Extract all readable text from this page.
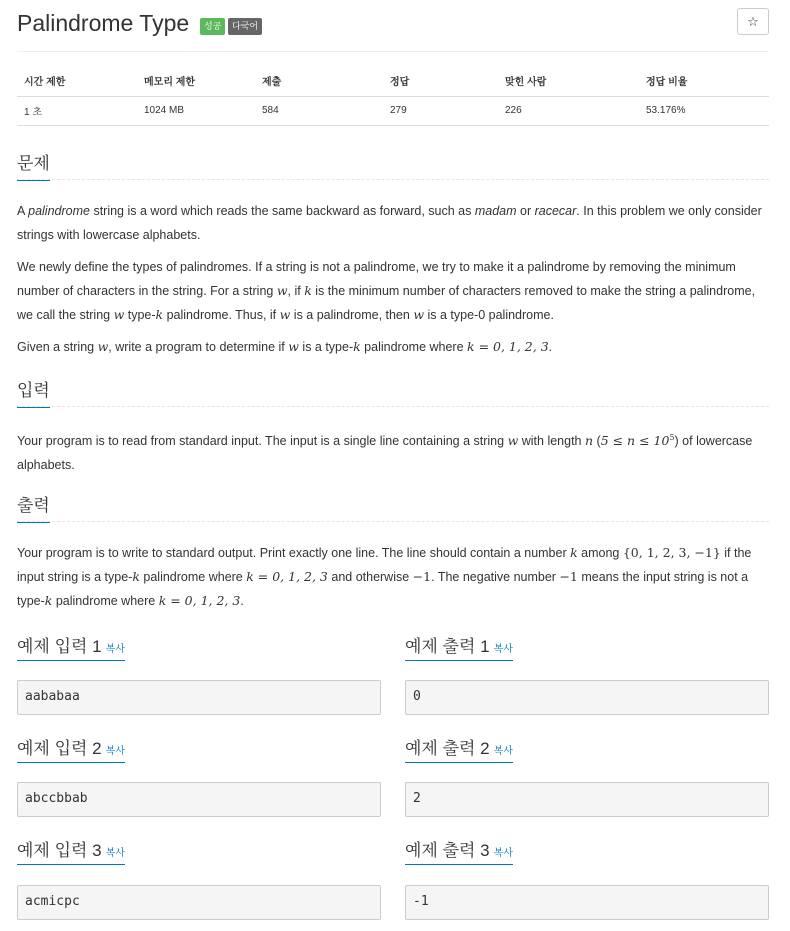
Palindrome Type	성공	다국어	☆
시간 제한	메모리 제한	제출	정답	맞힌 사람	정답 비율
1 초	1024 MB	584	279	226	53.176%
문제
A palindrome string is a word which reads the same backward as forward, such as madam or racecar. In this problem we only consider strings with lowercase alphabets.
We newly define the types of palindromes. If a string is not a palindrome, we try to make it a palindrome by removing the minimum number of characters in the string. For a string w, if k is the minimum number of characters removed to make the string a palindrome, we call the string w type-k palindrome. Thus, if w is a palindrome, then w is a type-0 palindrome.
Given a string w, write a program to determine if w is a type-k palindrome where k = 0, 1, 2, 3.
입력
Your program is to read from standard input. The input is a single line containing a string w with length n $(5 \le n \le 10^5)$ of lowercase alphabets.
출력
Your program is to write to standard output. Print exactly one line. The line should contain a number k among {0, 1, 2, 3, −1} if the input string is a type-k palindrome where k = 0, 1, 2, 3 and otherwise −1. The negative number −1 means the input string is not a type-k palindrome where k = 0, 1, 2, 3.
예제 입력 1 복사	예제 출력 1 복사
aababaa	0
예제 입력 2 복사	예제 출력 2 복사
abccbbab	2
예제 입력 3 복사	예제 출력 3 복사
acmicpc	-1
